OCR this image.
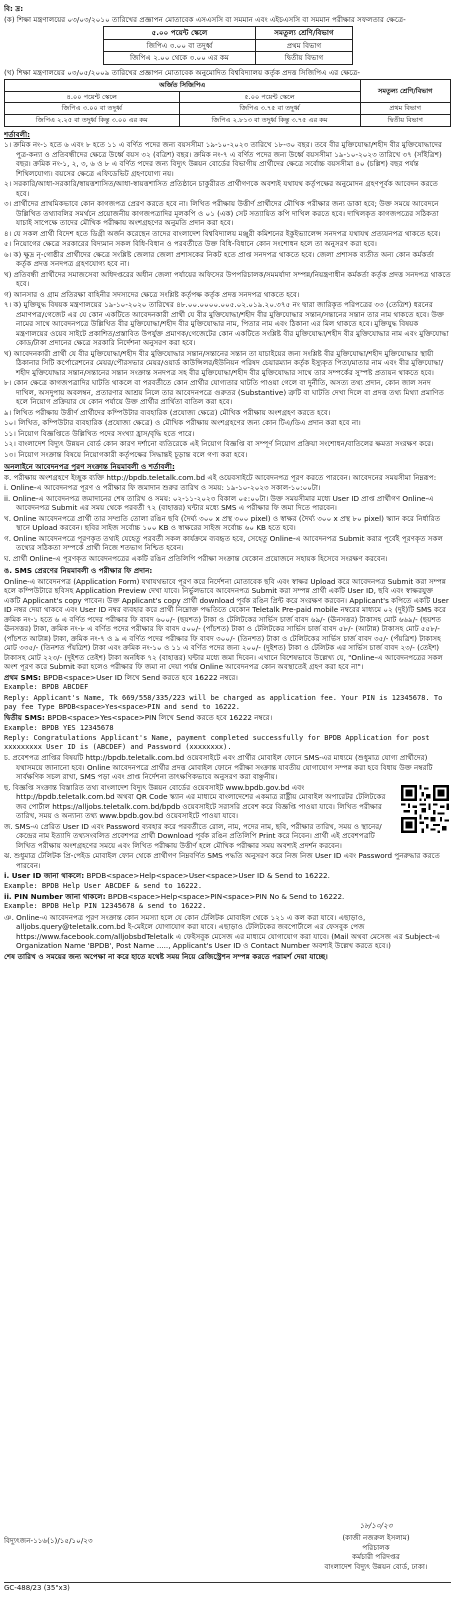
বি: দ্র:
(ক) শিক্ষা মন্ত্রণালয়ের ০৩/০৩/২০১০ তারিখের প্রজ্ঞাপন মোতাবেক এসএসসি বা সমমান এবং এইচএসসি বা সমমান পরীক্ষার সফলতার ক্ষেত্রে-
৫.০০ পয়েন্ট স্কেলে	সমতুল্য শ্রেণি/বিভাগ
জিপিএ ৩.০০ বা তদুর্ধ্ব	প্রথম বিভাগ
জিপিএ ২.০০ থেকে ৩.০০ এর কম	দ্বিতীয় বিভাগ
(খ) শিক্ষা মন্ত্রণালয়ের ০৩/০৫/২০০৯ তারিখের প্রজ্ঞাপন মোতাবেক অনুমোদিত বিশ্ববিদ্যালয় কর্তৃক প্রদত্ত সিজিপিএ এর ক্ষেত্রে-
অর্জিত সিজিপিএ		সমতুল্য শ্রেণি/বিভাগ
৪.০০ পয়েন্ট স্কেলে	৫.০০ পয়েন্ট স্কেলে	
জিপিএ ৩.০০ বা তদুর্ধ্ব	জিপিএ ৩.৭৫ বা তদুর্ধ্ব	প্রথম বিভাগ
জিপিএ ২.২৫ বা তদুর্ধ্ব কিন্তু ৩.০০ এর কম	জিপিএ ২.৮১৩ বা তদুর্ধ্ব কিন্তু ৩.৭৫ এর কম	দ্বিতীয় বিভাগ
শর্তাবলী:
১। ক্রমিক নং-১ হতে ৬ এবং ৮ হতে ১১ এ বর্ণিত পদের জন্য বয়সসীমা ১৯-১০-২০২৩ তারিখে ১৮-৩০ বছর। তবে বীর মুক্তিযোদ্ধা/শহীদ বীর মুক্তিযোদ্ধাদের পুত্র-কন্যা ও প্রতিবন্ধীদের ক্ষেত্রে উর্ধ্বে বয়স ৩২ (বত্রিশ) বছর। ক্রমিক নং-৭ এ বর্ণিত পদের জন্য উর্ধ্বে বয়সসীমা ১৯-১০-২০২৩ তারিখে ৩৭ (সাঁইত্রিশ) বছর। ক্রমিক নং-১, ২, ৩, ৬ ও ৮ এ বর্ণিত পদের জন্য বিদ্যুৎ উন্নয়ন বোর্ডের বিভাগীয় প্রার্থীদের ক্ষেত্রে সর্বোচ্চ বয়সসীমা ৪০ (চল্লিশ) বছর পর্যন্ত শিথিলযোগ্য। বয়সের ক্ষেত্রে এফিডেভিট গ্রহণযোগ্য নয়।
২। সরকারি/আধা-সরকারি/স্বায়ত্তশাসিত/আধা-স্বায়ত্তশাসিত প্রতিষ্ঠানে চাকুরীরত প্রার্থীগণকে অবশ্যই যথাযথ কর্তৃপক্ষের অনুমোদন গ্রহণপূর্বক আবেদন করতে হবে।
৩। প্রার্থীদের প্রাথমিকভাবে কোন কাগজপত্র প্রেরণ করতে হবে না। লিখিত পরীক্ষায় উত্তীর্ণ প্রার্থীদের মৌখিক পরীক্ষার জন্য ডাকা হবে; উক্ত সময়ে আবেদনে উল্লিখিত তথ্যাবলির সমর্থনে প্রয়োজনীয় কাগজপত্রাদির মূলকপি ও ০১ (এক) সেট সত্যায়িত কপি দাখিল করতে হবে। দাখিলকৃত কাগজপত্রের সঠিকতা যাচাই সাপেক্ষে তাদের মৌখিক পরীক্ষায় অংশগ্রহণের অনুমতি প্রদান করা হবে।
৪। যে সকল প্রার্থী বিদেশ হতে ডিগ্রী অর্জন করেছেন তাদের বাংলাদেশ বিশ্ববিদ্যালয় মঞ্জুরী কমিশনের ইকুইভ্যালেন্স সনদপত্র যথাযথ প্রত্যয়নপত্র থাকতে হবে।
৫। নিয়োগের ক্ষেত্রে সরকারের বিদ্যমান সকল বিধি-বিধান ও পরবর্তীতে উক্ত বিধি-বিধানে কোন সংশোধন হলে তা অনুসরণ করা হবে।
৬। ক) ক্ষুদ্র নৃ-গোষ্ঠীর প্রার্থীদের ক্ষেত্রে সংশ্লিষ্ট জেলার জেলা প্রশাসকের নিকট হতে প্রাপ্ত সনদপত্র থাকতে হবে। জেলা প্রশাসক ব্যতীত অন্য কোন কর্মকর্তা কর্তৃক প্রদত্ত সনদপত্র গ্রহণযোগ্য হবে না।
খ) প্রতিবন্ধী প্রার্থীদের সমাজসেবা অধিদপ্তরের অধীন জেলা পর্যায়ের অফিসের উপপরিচালক/সমমর্যাদা সম্পন্ন/নিয়ন্ত্রণাধীন কর্মকর্তা কর্তৃক প্রদত্ত সনদপত্র থাকতে হবে।
গ) আনসার ও গ্রাম প্রতিরক্ষা বাহিনীর সদস্যদের ক্ষেত্রে সংশ্লিষ্ট কর্তৃপক্ষ কর্তৃক প্রদত্ত সনদপত্র থাকতে হবে।
৭। ক) মুক্তিযুদ্ধ বিষয়ক মন্ত্রণালয়ের ১৯-১০-২০২০ তারিখের ৪৮.০০.০০০০.০০৫.০২.০১৯.২০.৩৭৫ নং দ্বারা জারিকৃত পরিপত্রের ৩৩ (তেত্রিশ) ধরনের প্রমাণপত্র/গেজেট এর যে কোন একটিতে আবেদনকারী প্রার্থী যে বীর মুক্তিযোদ্ধা/শহীদ বীর মুক্তিযোদ্ধার সন্তান/সন্তানের সন্তান তার নাম থাকতে হবে। উক্ত নামের সাথে আবেদনপত্রে উল্লিখিত বীর মুক্তিযোদ্ধা/শহীদ বীর মুক্তিযোদ্ধার নাম, পিতার নাম এবং ঠিকানা এর মিল থাকতে হবে। মুক্তিযুদ্ধ বিষয়ক মন্ত্রণালয়ের ওয়েব সাইটে প্রকাশিত/প্রস্তাবিত উপর্যুক্ত প্রমাণক/গেজেটের কোন একটিতে সংশ্লিষ্ট বীর মুক্তিযোদ্ধা/শহীদ বীর মুক্তিযোদ্ধার নাম এবং মুক্তিযোদ্ধা কোড/টাকা প্রদানের ক্ষেত্রে সরকারি নির্দেশনা অনুসরণ করা হবে।
খ) আবেদনকারী প্রার্থী যে বীর মুক্তিযোদ্ধা/শহীদ বীর মুক্তিযোদ্ধার সন্তান/সন্তানের সন্তান তা যাচাইয়ের জন্য সংশ্লিষ্ট বীর মুক্তিযোদ্ধা/শহীদ মুক্তিযোদ্ধার স্থায়ী ঠিকানার সিটি কর্পোরেশনের মেয়র/পৌরসভার মেয়র/ওয়ার্ড কাউন্সিলর/ইউনিয়ন পরিষদ চেয়ারম্যান কর্তৃক ইস্যুকৃত পিতা/মাতার নাম এবং বীর মুক্তিযোদ্ধা/শহীদ মুক্তিযোদ্ধার সন্তান/সন্তানের সন্তান সংক্রান্ত সনদপত্র সহ বীর মুক্তিযোদ্ধা/শহীদ বীর মুক্তিযোদ্ধার সাথে তার সম্পর্কের সুস্পষ্ট প্রত্যয়ন থাকতে হবে।
৮। কোন ক্ষেত্রে কাগজপত্রাদির ঘাটতি থাকলে বা পরবর্তীতে কোন প্রার্থীর যোগ্যতার ঘাটতি পাওয়া গেলে বা দুর্নীতি, অসত্য তথ্য প্রদান, কোন জাল সনদ দাখিল, অসদুপায় অবলম্বন, প্রতারণার আশ্রয় নিলে তার আবেদনপত্রে গুরুতর (Substantive) ত্রুটি বা ঘাটতি দেখা দিলে বা প্রদত্ত তথ্য মিথ্যা প্রমাণিত হলে নিয়োগ প্রক্রিয়ার যে কোন পর্যায়ে উক্ত প্রার্থীর প্রার্থিতা বাতিল করা হবে।
৯। লিখিত পরীক্ষায় উত্তীর্ণ প্রার্থীদের কম্পিউটার ব্যবহারিক (প্রযোজ্য ক্ষেত্রে) মৌখিক পরীক্ষায় অংশগ্রহণ করতে হবে।
১০। লিখিত, কম্পিউটার ব্যবহারিক (প্রযোজ্য ক্ষেত্রে) ও মৌখিক পরীক্ষায় অংশগ্রহণের জন্য কোন টিএ/ডিএ প্রদান করা হবে না।
১১। নিয়োগ বিজ্ঞপ্তিতে উল্লিখিত পদের সংখ্যা হ্রাস/বৃদ্ধি হতে পারে।
১২। বাংলাদেশ বিদ্যুৎ উন্নয়ন বোর্ড কোন কারণ দর্শানো ব্যতিরেকে এই নিয়োগ বিজ্ঞপ্তি বা সম্পূর্ণ নিয়োগ প্রক্রিয়া সংশোধন/বাতিলের ক্ষমতা সংরক্ষণ করে।
১৩। নিয়োগ সংক্রান্ত বিষয়ে নিয়োগকারী কর্তৃপক্ষের সিদ্ধান্তই চূড়ান্ত বলে গণ্য করা হবে।
অনলাইনে আবেদনপত্র পূরণ সংক্রান্ত নিয়মাবলী ও শর্তাবলী:
ক. পরীক্ষায় অংশগ্রহণে ইচ্ছুক ব্যক্তি http://bpdb.teletalk.com.bd এই ওয়েবসাইটে আবেদনপত্র পূরণ করতে পারবেন। আবেদনের সময়সীমা নিম্নরূপ:
i. Online-এ আবেদনপত্র পূরণ ও পরীক্ষার ফি জমাদান শুরুর তারিখ ও সময়: ১৯-১০-২০২৩ সকাল-১০:০০টা।
ii. Online-এ আবেদনপত্র জমাদানের শেষ তারিখ ও সময়: ০২-১১-২০২৩ বিকাল ০৫:০০টা। উক্ত সময়সীমার মধ্যে User ID প্রাপ্ত প্রার্থীগণ Online-এ আবেদনপত্র Submit এর সময় থেকে পরবর্তী ৭২ (বাহাত্তর) ঘন্টার মধ্যে SMS এ পরীক্ষার ফি জমা দিতে পারবেন।
খ. Online আবেদনপত্রে প্রার্থী তার সম্প্রতি তোলা রঙিন ছবি (দৈর্ঘ্য ৩০০ x প্রস্থ ৩০০ pixel) ও স্বাক্ষর (দৈর্ঘ্য ৩০০ x প্রস্থ ৮০ pixel) স্ক্যান করে নির্ধারিত স্থানে Upload করবেন। ছবির সাইজ সর্বোচ্চ ১০০ KB ও স্বাক্ষরের সাইজ সর্বোচ্চ ৬০ KB হতে হবে।
গ. Online আবেদনপত্রে পূরণকৃত তথ্যই যেহেতু পরবর্তী সকল কার্যক্রমে ব্যবহৃত হবে, সেহেতু Online-এ আবেদনপত্র Submit করার পূর্বেই পূরণকৃত সকল তথ্যের সঠিকতা সম্পর্কে প্রার্থী নিজে শতভাগ নিশ্চিত হবেন।
ঘ. প্রার্থী Online-এ পূরণকৃত আবেদনপত্রের একটি রঙিন প্রতিলিপি পরীক্ষা সংক্রান্ত যেকোন প্রয়োজনে সহায়ক হিসেবে সংরক্ষণ করবেন।
ঙ. SMS প্রেরণের নিয়মাবলী ও পরীক্ষার ফি প্রদান:
Online-এ আবেদনপত্র (Application Form) যথাযথভাবে পূরণ করে নির্দেশনা মোতাবেক ছবি এবং স্বাক্ষর Upload করে আবেদনপত্র Submit করা সম্পন্ন হলে কম্পিউটারে ছবিসহ Application Preview দেখা যাবে। নির্ভুলভাবে আবেদনপত্র Submit করা সম্পন্ন প্রার্থী একটি User ID, ছবি এবং স্বাক্ষরযুক্ত একটি Applicant's copy পাবেন। উক্ত Applicant's copy প্রার্থী download পূর্বক রঙিন প্রিন্ট করে সংরক্ষণ করবেন। Applicant's কপিতে একটি User ID নম্বর দেয়া থাকবে এবং User ID নম্বর ব্যবহার করে প্রার্থী নিম্নোক্ত পদ্ধতিতে যেকোন Teletalk Pre-paid mobile নম্বরের মাধ্যমে ০২ (দুই)টি SMS করে ক্রমিক নং-১ হতে ৬ এ বর্ণিত পদের পরীক্ষার ফি বাবদ ৬০০/- (ছয়শত) টাকা ও টেলিটকের সার্ভিস চার্জ বাবদ ৬৯/- (ঊনসত্তর) টাকাসহ মোট ৬৬৯/- (ছয়শত ঊনসত্তর) টাকা, ক্রমিক নং-৮ এ বর্ণিত পদের পরীক্ষার ফি বাবদ ৫০০/- (পাঁচশত) টাকা ও টেলিটকের সার্ভিস চার্জ বাবদ ৫৮/- (আটান্ন) টাকাসহ মোট ৫৫৮/- (পাঁচশত আটান্ন) টাকা, ক্রমিক নং-৭ ও ৯ এ বর্ণিত পদের পরীক্ষার ফি বাবদ ৩০০/- (তিনশত) টাকা ও টেলিটকের সার্ভিস চার্জ বাবদ ৩৫/- (পঁয়ত্রিশ) টাকাসহ মোট ৩৩৫/- (তিনশত পঁয়ত্রিশ) টাকা এবং ক্রমিক নং-১০ ও ১১ এ বর্ণিত পদের জন্য ২০০/- (দুইশত) টাকা ও টেলিটক এর সার্ভিস চার্জ বাবদ ২৩/- (তেইশ) টাকাসহ মোট ২২৩/- (দুইশত তেইশ) টাকা অনধিক ৭২ (বাহাত্তর) ঘন্টার মধ্যে জমা দিবেন। এখানে বিশেষভাবে উল্লেখ্য যে, "Online-এ আবেদনপত্রের সকল অংশ পূরণ করে Submit করা হলেও পরীক্ষার ফি জমা না দেয়া পর্যন্ত Online আবেদনপত্র কোন অবস্থাতেই গ্রহণ করা হবে না"।
প্রথম SMS: BPDB<space>User ID লিখে Send করতে হবে 16222 নম্বরে।
Example: BPDB ABCDEF
Reply: Applicant's Name, Tk 669/558/335/223 will be charged as application fee. Your PIN is 12345678. To pay fee Type BPDB<space>Yes<space>PIN and send to 16222.
দ্বিতীয় SMS: BPDB<space>Yes<space>PIN লিখে Send করতে হবে 16222 নম্বরে।
Example: BPDB YES 12345678
Reply: Congratulations Applicant's Name, payment completed successfully for BPDB Application for post xxxxxxxxx User ID is (ABCDEF) and Password (xxxxxxxx).
চ. প্রবেশপত্র প্রাপ্তির বিষয়টি http://bpdb.teletalk.com.bd ওয়েবসাইটে এবং প্রার্থীর মোবাইল ফোনে SMS-এর মাধ্যমে (শুধুমাত্র যোগ্য প্রার্থীদের) যথাসময়ে জানানো হবে। Online আবেদনপত্রে প্রার্থীর প্রদত্ত মোবাইল ফোনে পরীক্ষা সংক্রান্ত যাবতীয় যোগাযোগ সম্পন্ন করা হবে বিধায় উক্ত নম্বরটি সার্বক্ষণিক সচল রাখা, SMS পড়া এবং প্রাপ্ত নির্দেশনা তাৎক্ষণিকভাবে অনুসরণ করা বাঞ্ছনীয়।
ছ. বিজ্ঞপ্তি সংক্রান্ত বিস্তারিত তথ্য বাংলাদেশ বিদ্যুৎ উন্নয়ন বোর্ডের ওয়েবসাইট www.bpdb.gov.bd এবং http://bpdb.teletalk.com.bd অথবা QR Code স্ক্যান এর মাধ্যমে বাংলাদেশের একমাত্র রাষ্ট্রীয় মোবাইল অপারেটর টেলিটকের জব পোর্টাল https://alljobs.teletalk.com.bd/bpdb ওয়েবসাইটে সরাসরি প্রবেশ করে বিজ্ঞপ্তি পাওয়া যাবে। লিখিত পরীক্ষার তারিখ, সময় ও অন্যান্য তথ্য www.bpdb.gov.bd ওয়েবসাইটে পাওয়া যাবে।
জ. SMS-এ প্রেরিত User ID এবং Password ব্যবহার করে পরবর্তীতে রোল, নাম, পদের নাম, ছবি, পরীক্ষার তারিখ, সময় ও স্থানের/কেন্দ্রের নাম ইত্যাদি তথ্যসংবলিত প্রবেশপত্র প্রার্থী Download পূর্বক রঙিন প্রতিলিপি Print করে নিবেন। প্রার্থী এই প্রবেশপত্রটি লিখিত পরীক্ষায় অংশগ্রহণের সময়ে এবং লিখিত পরীক্ষায় উত্তীর্ণ হলে মৌখিক পরীক্ষার সময় অবশ্যই প্রদর্শন করবেন।
ঝ. শুধুমাত্র টেলিটক প্রি-পেইড মোবাইল ফোন থেকে প্রার্থীগণ নিম্নবর্ণিত SMS পদ্ধতি অনুসরণ করে নিজ নিজ User ID এবং Password পুনরুদ্ধার করতে পারবেন।
i. User ID জানা থাকলে: BPDB<space>Help<space>User<space>User ID & Send to 16222.
Example: BPDB Help User ABCDEF & send to 16222.
ii. PIN Number জানা থাকলে: BPDB<space>Help<space>PIN<space>PIN No & Send to 16222.
Example: BPDB Help PIN 12345678 & send to 16222.
ঞ. Online-এ আবেদনপত্র পূরণ সংক্রান্ত কোন সমস্যা হলে যে কোন টেলিটক মোবাইল থেকে ১২১ এ কল করা যাবে। এছাড়াও, alljobs.query@teletalk.com.bd ই-মেইলে যোগাযোগ করা যাবে। এছাড়াও টেলিটকের জবপোর্টালে এর ফেসবুক পেজ https://www.facebook.com/alljobsbdTeletalk এ ফেইসবুক মেসেজ এর মাধ্যমে যোগাযোগ করা যাবে। (Mail অথবা মেসেজ এর Subject-এ Organization Name 'BPDB', Post Name ....., Applicant's User ID ও Contact Number অবশ্যই উল্লেখ করতে হবে।)
শেষ তারিখ ও সময়ের জন্য অপেক্ষা না করে হাতে যথেষ্ট সময় নিয়ে রেজিস্ট্রেশন সম্পন্ন করতে পরামর্শ দেয়া যাচ্ছে।
১৮/১০/২৩
(কাজী নজরুল ইসলাম)
পরিচালক
কর্মচারী পরিদপ্তর
বাংলাদেশ বিদ্যুৎ উন্নয়ন বোর্ড, ঢাকা।
বিদ্যুৎজন-১১৬(১)/১৫/১০/২৩
GC-488/23 (35"x3)
